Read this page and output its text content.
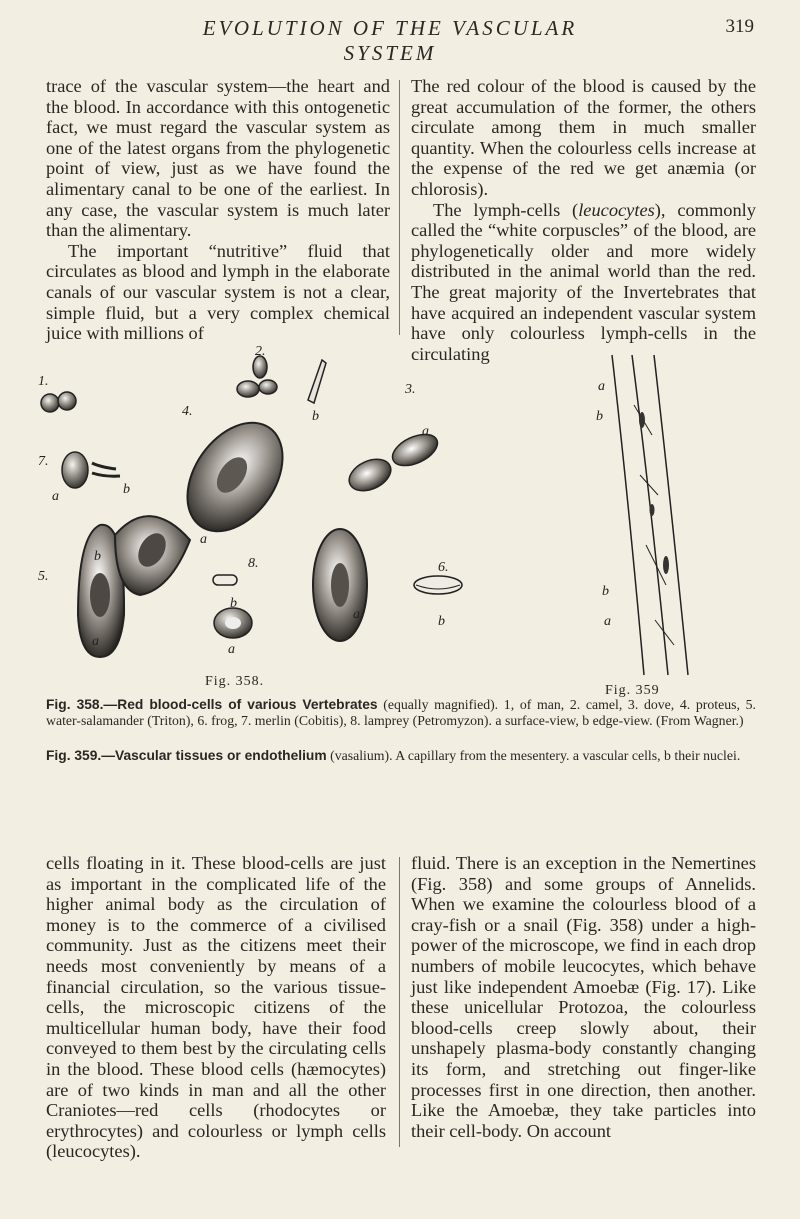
EVOLUTION OF THE VASCULAR SYSTEM
319

trace of the vascular system—the heart and the blood. In accordance with this ontogenetic fact, we must regard the vascular system as one of the latest organs from the phylogenetic point of view, just as we have found the alimentary canal to be one of the earliest. In any case, the vascular system is much later than the alimentary.

The important “nutritive” fluid that circulates as blood and lymph in the elaborate canals of our vascular system is not a clear, simple fluid, but a very complex chemical juice with millions of

The red colour of the blood is caused by the great accumulation of the former, the others circulate among them in much smaller quantity. When the colourless cells increase at the expense of the red we get anæmia (or chlorosis).

The lymph-cells (leucocytes), commonly called the “white corpuscles” of the blood, are phylogenetically older and more widely distributed in the animal world than the red. The great majority of the Invertebrates that have acquired an independent vascular system have only colourless lymph-cells in the circulating

1.
2.
3.
4.
5.
6.
7.
8.
a	b
b
a
a
b
a
a
b
a
b
Fig. 358.
a
b
b
a
Fig. 359
Fig. 358.—Red blood-cells of various Vertebrates (equally magnified). 1, of man, 2. camel, 3. dove, 4. proteus, 5. water-salamander (Triton), 6. frog, 7. merlin (Cobitis), 8. lamprey (Petromyzon). a surface-view, b edge-view. (From Wagner.)
Fig. 359.—Vascular tissues or endothelium (vasalium). A capillary from the mesentery. a vascular cells, b their nuclei.

cells floating in it. These blood-cells are just as important in the complicated life of the higher animal body as the circulation of money is to the commerce of a civilised community. Just as the citizens meet their needs most conveniently by means of a financial circulation, so the various tissue-cells, the microscopic citizens of the multicellular human body, have their food conveyed to them best by the circulating cells in the blood. These blood cells (hæmocytes) are of two kinds in man and all the other Craniotes—red cells (rhodocytes or erythrocytes) and colourless or lymph cells (leucocytes).

fluid. There is an exception in the Nemertines (Fig. 358) and some groups of Annelids. When we examine the colourless blood of a cray-fish or a snail (Fig. 358) under a high-power of the microscope, we find in each drop numbers of mobile leucocytes, which behave just like independent Amoebæ (Fig. 17). Like these unicellular Protozoa, the colourless blood-cells creep slowly about, their unshapely plasma-body constantly changing its form, and stretching out finger-like processes first in one direction, then another. Like the Amoebæ, they take particles into their cell-body. On account
